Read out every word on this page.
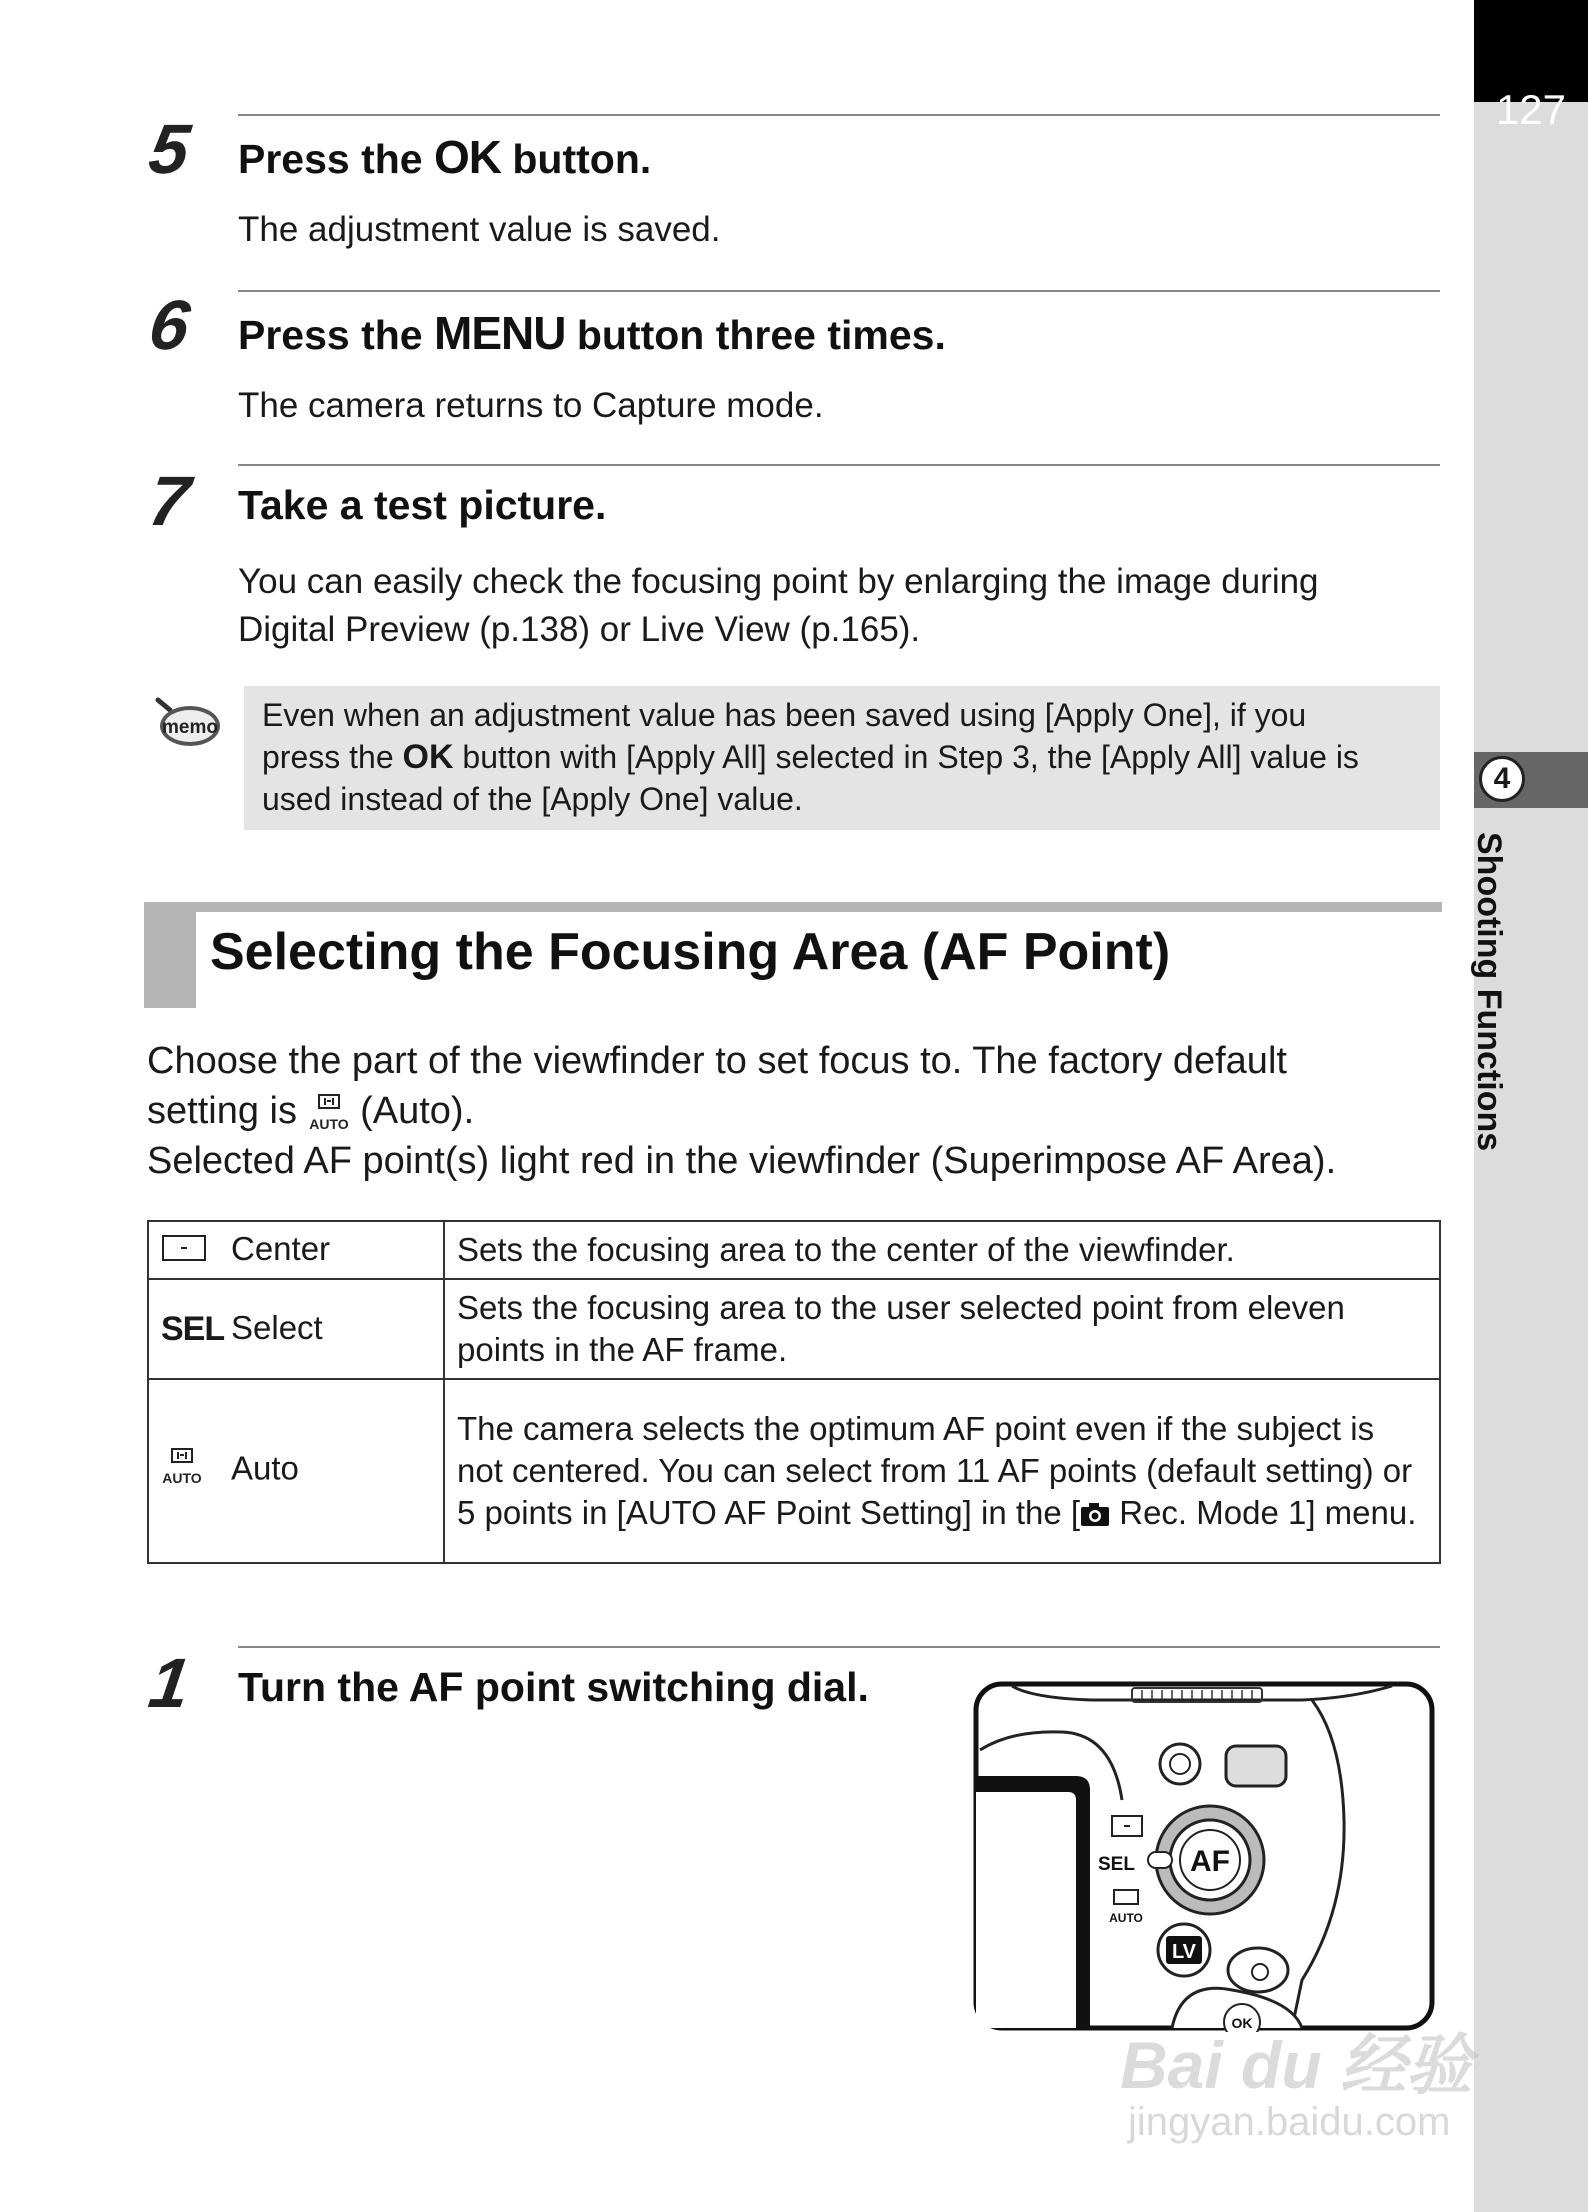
127
4
Shooting Functions
5 Press the OK button.
The adjustment value is saved.
6 Press the MENU button three times.
The camera returns to Capture mode.
7 Take a test picture.
You can easily check the focusing point by enlarging the image during
Digital Preview (p.138) or Live View (p.165).
memo Even when an adjustment value has been saved using [Apply One], if you
press the OK button with [Apply All] selected in Step 3, the [Apply All] value is
used instead of the [Apply One] value.
Selecting the Focusing Area (AF Point)
Choose the part of the viewfinder to set focus to. The factory default
setting is AUTO (Auto).
Selected AF point(s) light red in the viewfinder (Superimpose AF Area).
Center	Sets the focusing area to the center of the viewfinder.
SEL Select	Sets the focusing area to the user selected point from eleven points in the AF frame.

AUTO Auto	The camera selects the optimum AF point even if the subject is not centered. You can select from 11 AF points (default setting) or 5 points in [AUTO AF Point Setting] in the [ Rec. Mode 1] menu.
1 Turn the AF point switching dial.
SEL
AUTO
AF
LV
OK
Bai du 经验
jingyan.baidu.com
